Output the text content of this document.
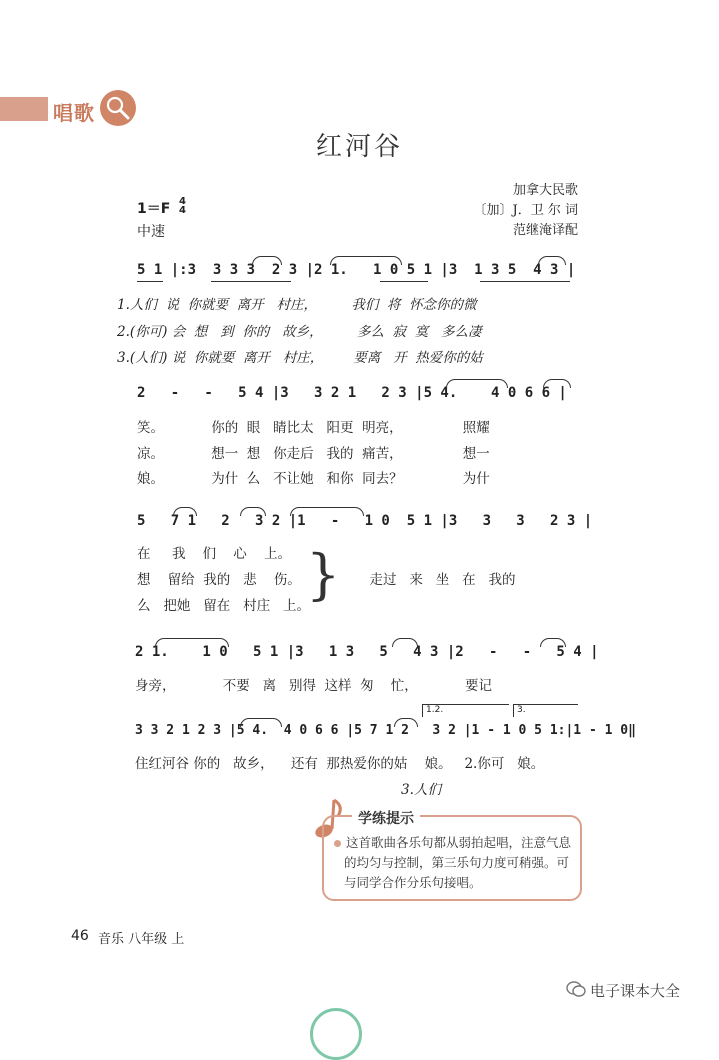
唱歌
红河谷
1＝F 4
4
中速
加拿大民歌
〔加〕J．卫 尔 词
范继淹译配
5 1 |:3  3 3 3  2 3 |2 1.   1 0 5 1 |3  1 3 5  4 3 |
1.人们  说  你就要  离开   村庄，        我们  将  怀念你的微
2.(你可) 会  想   到  你的   故乡，        多么  寂  寞   多么凄
3.(人们) 说  你就要  离开   村庄，       要离   开  热爱你的姑
2   -   -   5 4 |3   3 2 1   2 3 |5 4.    4 0 6 6 |
笑。           你的  眼   睛比太   阳更  明亮，              照耀
凉。           想一  想   你走后   我的  痛苦，              想一
娘。           为什  么   不让她   和你  同去？              为什
5   7 1   2   3 2 |1   -   1 0  5 1 |3   3   3   2 3 |
在     我    们    心    上。
想    留给  我的   悲    伤。                走过   来   坐   在   我的
么   把她   留在   村庄   上。
}
2 1.    1 0   5 1 |3   1 3   5   4 3 |2   -   -   5 4 |
身旁，           不要   离   别得  这样  匆    忙，           要记
1.2.	3.
3 3 2 1 2 3 |5 4.  4 0 6 6 |5 7 1 2   3 2 |1 - 1 0 5 1:|1 - 1 0‖
住红河谷 你的   故乡，    还有  那热爱你的姑    娘。   2.你可   娘。
3.人们
学练提示
这首歌曲各乐句都从弱拍起唱，注意气息的均匀与控制，第三乐句力度可稍强。可与同学合作分乐句接唱。
46 音乐 八年级 上
电子课本大全
